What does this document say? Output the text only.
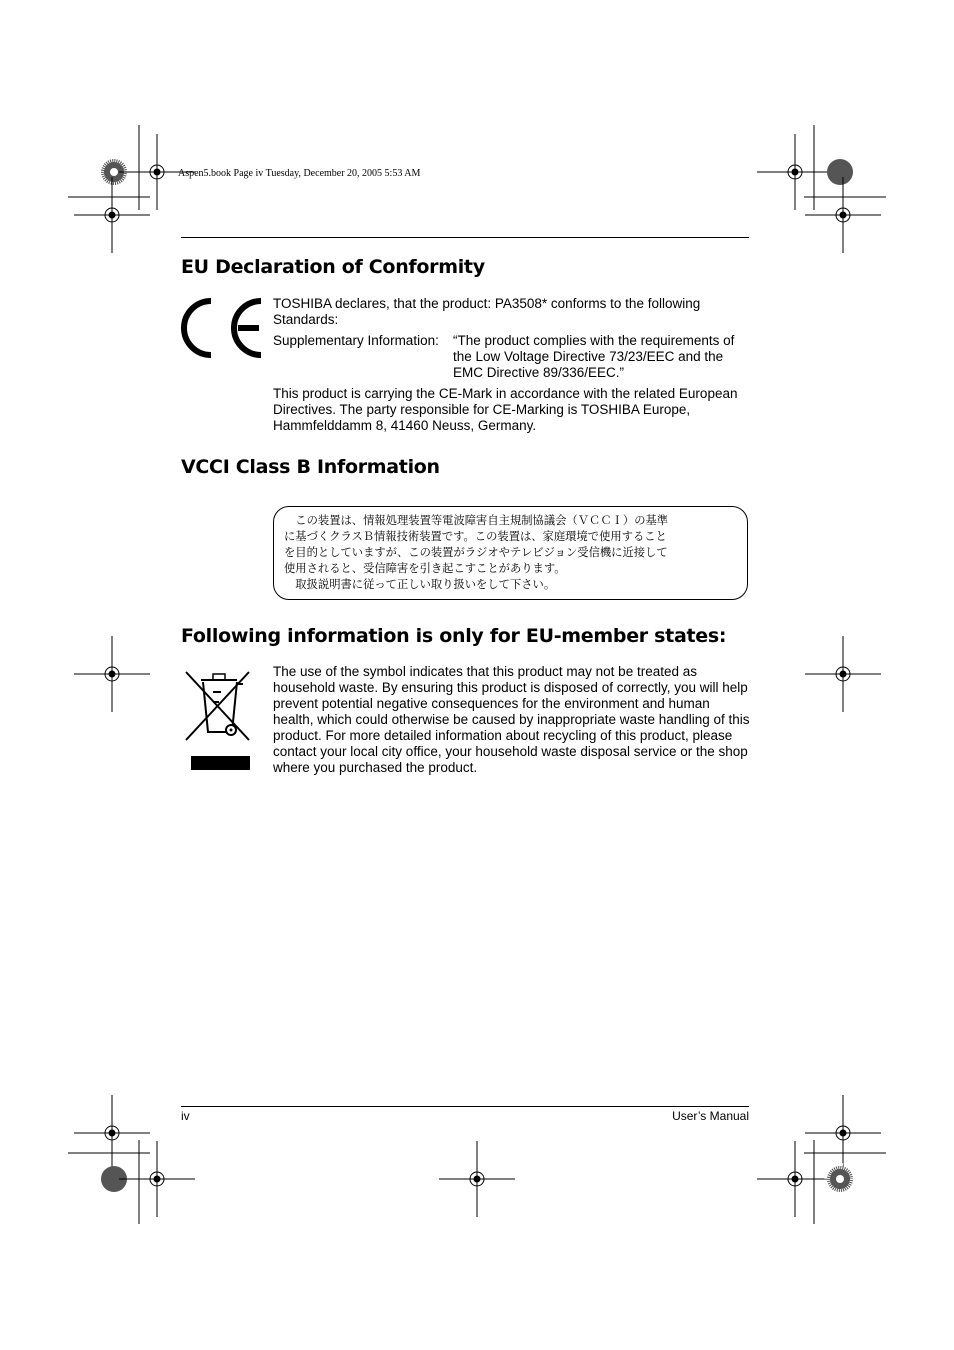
Aspen5.book Page iv Tuesday, December 20, 2005 5:53 AM
EU Declaration of Conformity

TOSHIBA declares, that the product: PA3508* conforms to the following Standards:

Supplementary Information: “The product complies with the requirements of the Low Voltage Directive 73/23/EEC and the EMC Directive 89/336/EEC.”

This product is carrying the CE-Mark in accordance with the related European Directives. The party responsible for CE-Marking is TOSHIBA Europe, Hammfelddamm 8, 41460 Neuss, Germany.

VCCI Class B Information
　この装置は、情報処理装置等電波障害自主規制協議会（ＶＣＣＩ）の基準
に基づくクラスＢ情報技術装置です。この装置は、家庭環境で使用すること
を目的としていますが、この装置がラジオやテレビジョン受信機に近接して
使用されると、受信障害を引き起こすことがあります。
　取扱説明書に従って正しい取り扱いをして下さい。
Following information is only for EU-member states:
The use of the symbol indicates that this product may not be treated as household waste. By ensuring this product is disposed of correctly, you will help prevent potential negative consequences for the environment and human health, which could otherwise be caused by inappropriate waste handling of this product. For more detailed information about recycling of this product, please contact your local city office, your household waste disposal service or the shop where you purchased the product.
iv	User’s Manual
